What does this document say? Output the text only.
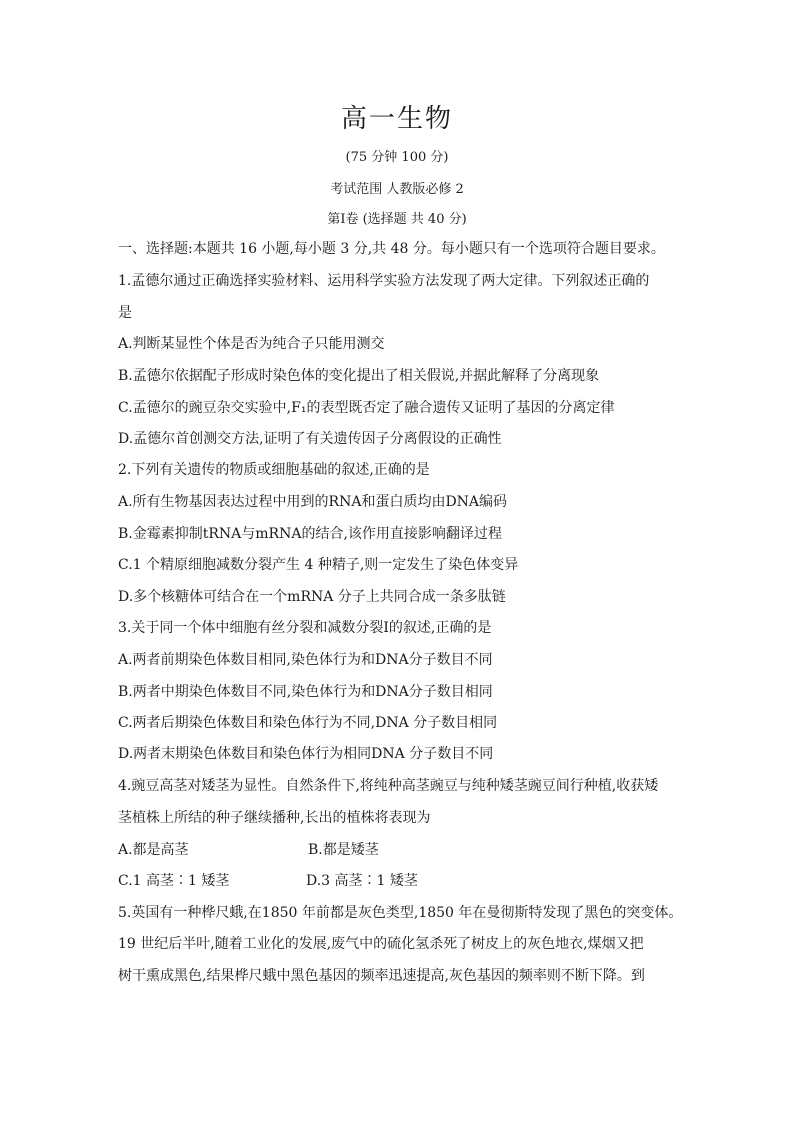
高一生物
(75 分钟 100 分)
考试范围 人教版必修 2
第Ⅰ卷 (选择题 共 40 分)
一、选择题:本题共 16 小题,每小题 3 分,共 48 分。每小题只有一个选项符合题目要求。
1.孟德尔通过正确选择实验材料、运用科学实验方法发现了两大定律。下列叙述正确的
是
A.判断某显性个体是否为纯合子只能用测交
B.孟德尔依据配子形成时染色体的变化提出了相关假说,并据此解释了分离现象
C.孟德尔的豌豆杂交实验中,F₁的表型既否定了融合遗传又证明了基因的分离定律
D.孟德尔首创测交方法,证明了有关遗传因子分离假设的正确性
2.下列有关遗传的物质或细胞基础的叙述,正确的是
A.所有生物基因表达过程中用到的RNA和蛋白质均由DNA编码
B.金霉素抑制tRNA与mRNA的结合,该作用直接影响翻译过程
C.1 个精原细胞减数分裂产生 4 种精子,则一定发生了染色体变异
D.多个核糖体可结合在一个mRNA 分子上共同合成一条多肽链
3.关于同一个体中细胞有丝分裂和减数分裂Ⅰ的叙述,正确的是
A.两者前期染色体数目相同,染色体行为和DNA分子数目不同
B.两者中期染色体数目不同,染色体行为和DNA分子数目相同
C.两者后期染色体数目和染色体行为不同,DNA 分子数目相同
D.两者末期染色体数目和染色体行为相同DNA 分子数目不同
4.豌豆高茎对矮茎为显性。自然条件下,将纯种高茎豌豆与纯种矮茎豌豆间行种植,收获矮
茎植株上所结的种子继续播种,长出的植株将表现为
A.都是高茎	B.都是矮茎
C.1 高茎∶1 矮茎	D.3 高茎∶1 矮茎
5.英国有一种桦尺蛾,在1850 年前都是灰色类型,1850 年在曼彻斯特发现了黑色的突变体。
19 世纪后半叶,随着工业化的发展,废气中的硫化氢杀死了树皮上的灰色地衣,煤烟又把
树干熏成黑色,结果桦尺蛾中黑色基因的频率迅速提高,灰色基因的频率则不断下降。到
